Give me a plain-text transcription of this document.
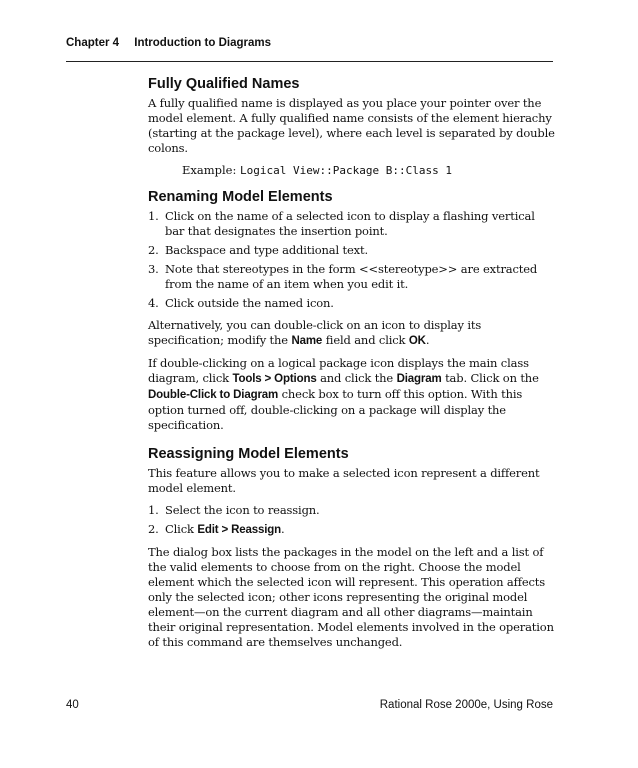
Chapter 4 Introduction to Diagrams
Fully Qualified Names

A fully qualified name is displayed as you place your pointer over the model element. A fully qualified name consists of the element hierachy (starting at the package level), where each level is separated by double colons.

Example: Logical View::Package B::Class 1
Renaming Model Elements
1. Click on the name of a selected icon to display a flashing vertical bar that designates the insertion point.
2. Backspace and type additional text.
3. Note that stereotypes in the form <<stereotype>> are extracted from the name of an item when you edit it.
4. Click outside the named icon.

Alternatively, you can double-click on an icon to display its specification; modify the Name field and click OK.

If double-clicking on a logical package icon displays the main class diagram, click Tools > Options and click the Diagram tab. Click on the Double-Click to Diagram check box to turn off this option. With this option turned off, double-clicking on a package will display the specification.

Reassigning Model Elements

This feature allows you to make a selected icon represent a different model element.

1. Select the icon to reassign.
2. Click Edit > Reassign.

The dialog box lists the packages in the model on the left and a list of the valid elements to choose from on the right. Choose the model element which the selected icon will represent. This operation affects only the selected icon; other icons representing the original model element—on the current diagram and all other diagrams—maintain their original representation. Model elements involved in the operation of this command are themselves unchanged.

40	Rational Rose 2000e, Using Rose
